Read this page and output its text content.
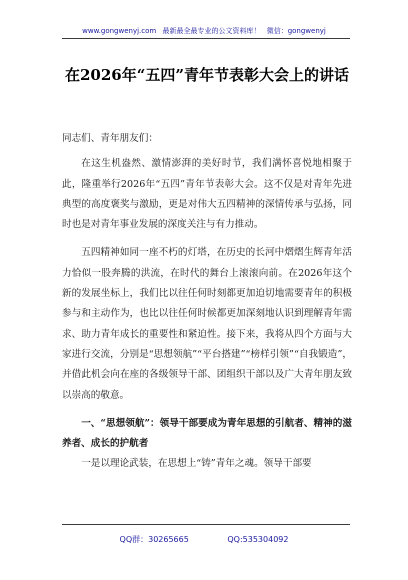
www.gongwenyj.com 最新最全最专业的公文资料库！ 微信：gongwenyj
在2026年“五四”青年节表彰大会上的讲话

同志们、青年朋友们：

在这生机盎然、激情澎湃的美好时节，我们满怀喜悦地相聚于此，隆重举行2026年“五四”青年节表彰大会。这不仅是对青年先进典型的高度褒奖与激励，更是对伟大五四精神的深情传承与弘扬，同时也是对青年事业发展的深度关注与有力推动。

五四精神如同一座不朽的灯塔，在历史的长河中熠熠生辉青年活力恰似一股奔腾的洪流，在时代的舞台上滚滚向前。在2026年这个新的发展坐标上，我们比以往任何时刻都更加迫切地需要青年的积极参与和主动作为，也比以往任何时候都更加深刻地认识到理解青年需求、助力青年成长的重要性和紧迫性。接下来，我将从四个方面与大家进行交流，分别是“思想领航”“平台搭建”“榜样引领”“自我锻造”，并借此机会向在座的各级领导干部、团组织干部以及广大青年朋友致以崇高的敬意。

一、“思想领航”：领导干部要成为青年思想的引航者、精神的滋养者、成长的护航者

一是以理论武装，在思想上“铸”青年之魂。领导干部要

QQ群：30265665	QQ:535304092
